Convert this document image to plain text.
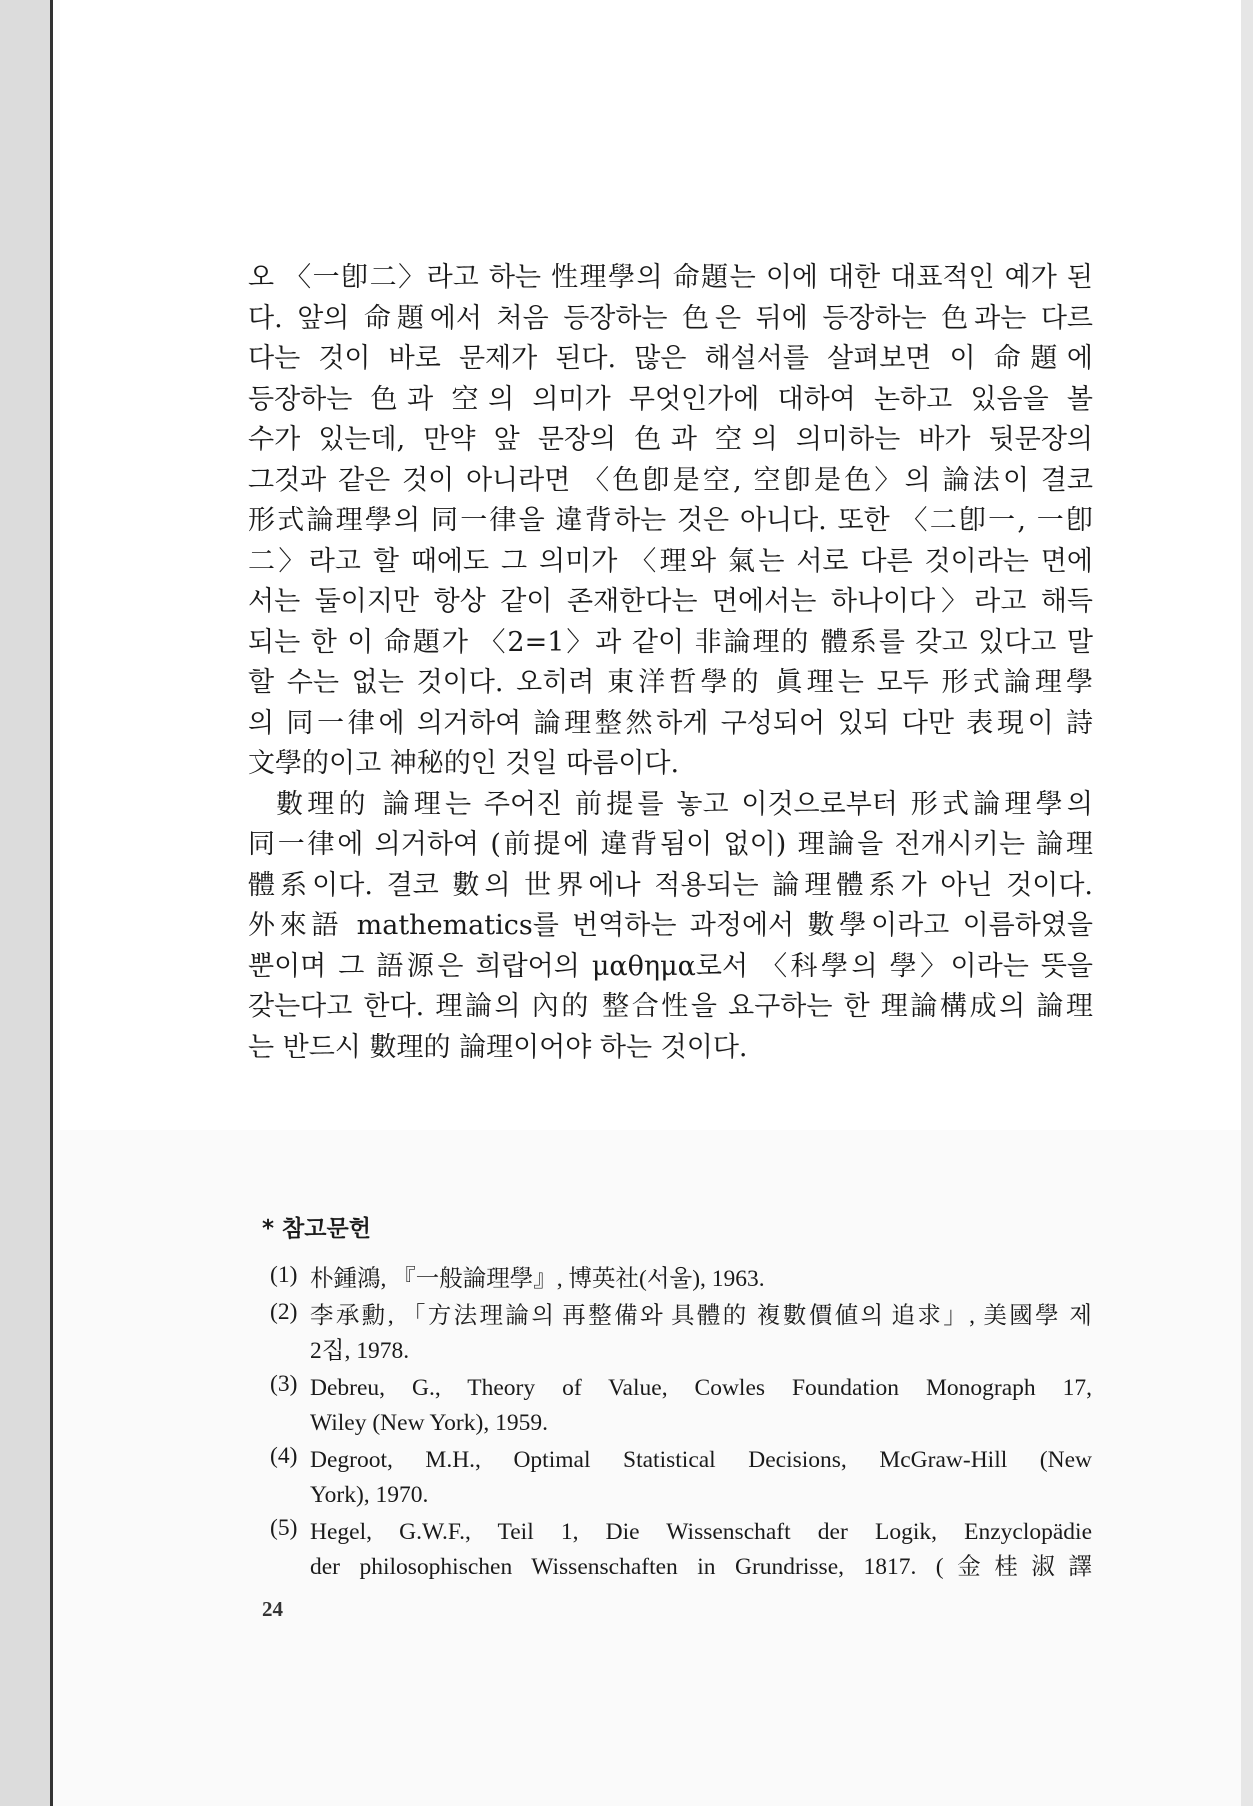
오 〈一卽二〉라고 하는 性理學의 命題는 이에 대한 대표적인 예가 된
다. 앞의 命題에서 처음 등장하는 色은 뒤에 등장하는 色과는 다르
다는 것이 바로 문제가 된다. 많은 해설서를 살펴보면 이 命題에
등장하는 色과 空의 의미가 무엇인가에 대하여 논하고 있음을 볼
수가 있는데, 만약 앞 문장의 色과 空의 의미하는 바가 뒷문장의
그것과 같은 것이 아니라면 〈色卽是空, 空卽是色〉의 論法이 결코
形式論理學의 同一律을 違背하는 것은 아니다. 또한 〈二卽一, 一卽
二〉라고 할 때에도 그 의미가 〈理와 氣는 서로 다른 것이라는 면에
서는 둘이지만 항상 같이 존재한다는 면에서는 하나이다〉라고 해득
되는 한 이 命題가 〈2=1〉과 같이 非論理的 體系를 갖고 있다고 말
할 수는 없는 것이다. 오히려 東洋哲學的 眞理는 모두 形式論理學
의 同一律에 의거하여 論理整然하게 구성되어 있되 다만 表現이 詩
文學的이고 神秘的인 것일 따름이다.
數理的 論理는 주어진 前提를 놓고 이것으로부터 形式論理學의
同一律에 의거하여 (前提에 違背됨이 없이) 理論을 전개시키는 論理
體系이다. 결코 數의 世界에나 적용되는 論理體系가 아닌 것이다.
外來語 mathematics를 번역하는 과정에서 數學이라고 이름하였을
뿐이며 그 語源은 희랍어의 μαθημα로서 〈科學의 學〉이라는 뜻을
갖는다고 한다. 理論의 內的 整合性을 요구하는 한 理論構成의 論理
는 반드시 數理的 論理이어야 하는 것이다.
* 참고문헌
(1) 朴鍾鴻, 『一般論理學』, 博英社(서울), 1963.
(2) 李承勳, 「方法理論의 再整備와 具體的 複數價値의 追求」, 美國學 제
2집, 1978.
(3) Debreu, G., Theory of Value, Cowles Foundation Monograph 17,
Wiley (New York), 1959.
(4) Degroot, M.H., Optimal Statistical Decisions, McGraw-Hill (New
York), 1970.
(5) Hegel, G.W.F., Teil 1, Die Wissenschaft der Logik, Enzyclopädie
der philosophischen Wissenschaften in Grundrisse, 1817. (金桂淑譯
24
